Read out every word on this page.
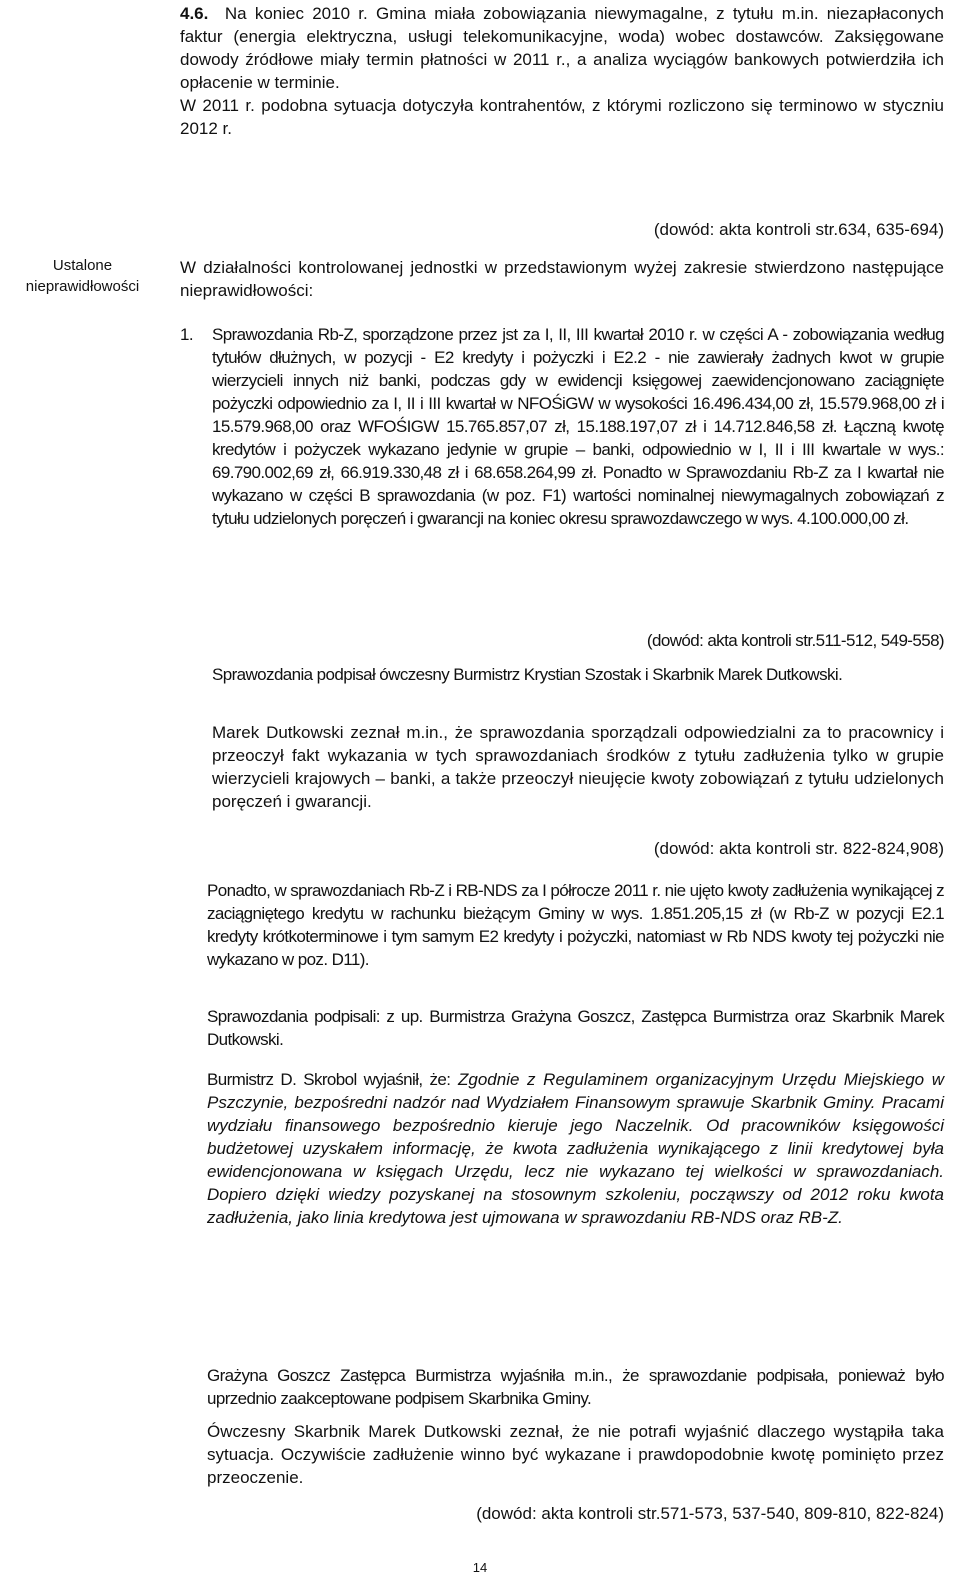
4.6. Na koniec 2010 r. Gmina miała zobowiązania niewymagalne, z tytułu m.in. niezapłaconych faktur (energia elektryczna, usługi telekomunikacyjne, woda) wobec dostawców. Zaksięgowane dowody źródłowe miały termin płatności w 2011 r., a analiza wyciągów bankowych potwierdziła ich opłacenie w terminie.

W 2011 r. podobna sytuacja dotyczyła kontrahentów, z którymi rozliczono się terminowo w styczniu 2012 r.

(dowód: akta kontroli str.634, 635-694)
Ustalone
nieprawidłowości
W działalności kontrolowanej jednostki w przedstawionym wyżej zakresie stwierdzono następujące nieprawidłowości:
1.	Sprawozdania Rb-Z, sporządzone przez jst za I, II, III kwartał 2010 r. w części A - zobowiązania według tytułów dłużnych, w pozycji - E2 kredyty i pożyczki i E2.2 - nie zawierały żadnych kwot w grupie wierzycieli innych niż banki, podczas gdy w ewidencji księgowej zaewidencjonowano zaciągnięte pożyczki odpowiednio za I, II i III kwartał w NFOŚiGW w wysokości 16.496.434,00 zł, 15.579.968,00 zł i 15.579.968,00 oraz WFOŚIGW 15.765.857,07 zł, 15.188.197,07 zł i 14.712.846,58 zł. Łączną kwotę kredytów i pożyczek wykazano jedynie w grupie – banki, odpowiednio w I, II i III kwartale w wys.: 69.790.002,69 zł, 66.919.330,48 zł i 68.658.264,99 zł. Ponadto w Sprawozdaniu Rb-Z za I kwartał nie wykazano w części B sprawozdania (w poz. F1) wartości nominalnej niewymagalnych zobowiązań z tytułu udzielonych poręczeń i gwarancji na koniec okresu sprawozdawczego w wys. 4.100.000,00 zł.
(dowód: akta kontroli str.511-512, 549-558)
Sprawozdania podpisał ówczesny Burmistrz Krystian Szostak i Skarbnik Marek Dutkowski.
Marek Dutkowski zeznał m.in., że sprawozdania sporządzali odpowiedzialni za to pracownicy i przeoczył fakt wykazania w tych sprawozdaniach środków z tytułu zadłużenia tylko w grupie wierzycieli krajowych – banki, a także przeoczył nieujęcie kwoty zobowiązań z tytułu udzielonych poręczeń i gwarancji.
(dowód: akta kontroli str. 822-824,908)
Ponadto, w sprawozdaniach Rb-Z i RB-NDS za I półrocze 2011 r. nie ujęto kwoty zadłużenia wynikającej z zaciągniętego kredytu w rachunku bieżącym Gminy w wys. 1.851.205,15 zł (w Rb-Z w pozycji E2.1 kredyty krótkoterminowe i tym samym E2 kredyty i pożyczki, natomiast w Rb NDS kwoty tej pożyczki nie wykazano w poz. D11).
Sprawozdania podpisali: z up. Burmistrza Grażyna Goszcz, Zastępca Burmistrza oraz Skarbnik Marek Dutkowski.
Burmistrz D. Skrobol wyjaśnił, że: Zgodnie z Regulaminem organizacyjnym Urzędu Miejskiego w Pszczynie, bezpośredni nadzór nad Wydziałem Finansowym sprawuje Skarbnik Gminy. Pracami wydziału finansowego bezpośrednio kieruje jego Naczelnik. Od pracowników księgowości budżetowej uzyskałem informację, że kwota zadłużenia wynikającego z linii kredytowej była ewidencjonowana w księgach Urzędu, lecz nie wykazano tej wielkości w sprawozdaniach. Dopiero dzięki wiedzy pozyskanej na stosownym szkoleniu, począwszy od 2012 roku kwota zadłużenia, jako linia kredytowa jest ujmowana w sprawozdaniu RB-NDS oraz RB-Z.
Grażyna Goszcz Zastępca Burmistrza wyjaśniła m.in., że sprawozdanie podpisała, ponieważ było uprzednio zaakceptowane podpisem Skarbnika Gminy.
Ówczesny Skarbnik Marek Dutkowski zeznał, że nie potrafi wyjaśnić dlaczego wystąpiła taka sytuacja. Oczywiście zadłużenie winno być wykazane i prawdopodobnie kwotę pominięto przez przeoczenie.
(dowód: akta kontroli str.571-573, 537-540, 809-810, 822-824)
14
